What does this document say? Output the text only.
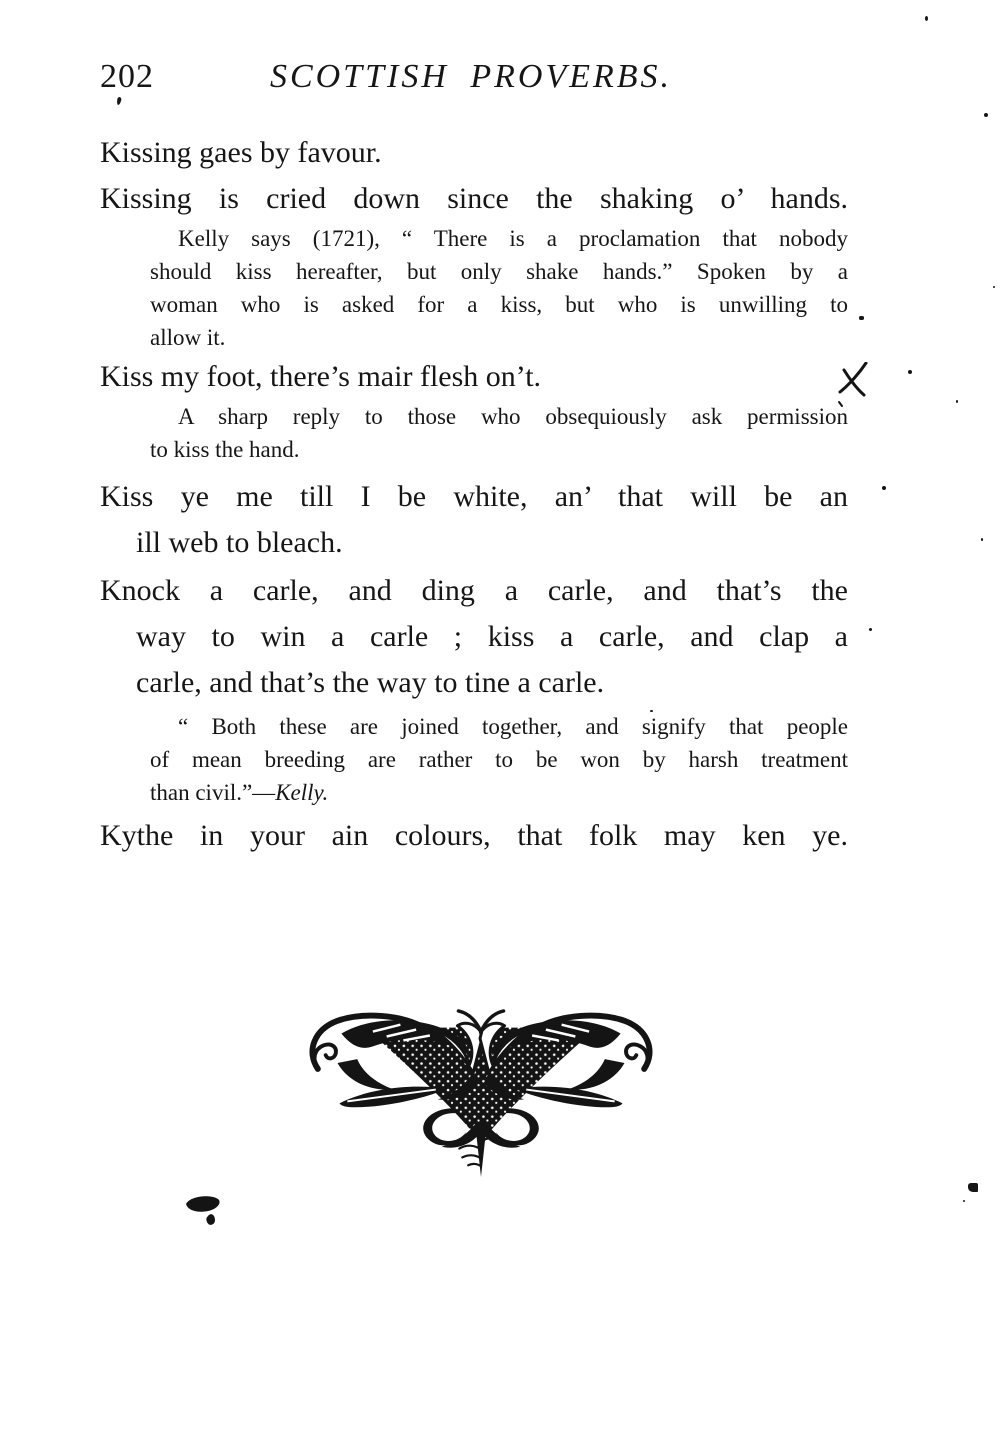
202	SCOTTISH PROVERBS.
Kissing gaes by favour.
Kissing is cried down since the shaking o’ hands.
Kelly says (1721), “ There is a proclamation that nobody
should kiss hereafter, but only shake hands.” Spoken by a
woman who is asked for a kiss, but who is unwilling to
allow it.
Kiss my foot, there’s mair flesh on’t.
A sharp reply to those who obsequiously ask permission
to kiss the hand.
Kiss ye me till I be white, an’ that will be an
ill web to bleach.
Knock a carle, and ding a carle, and that’s the
way to win a carle ; kiss a carle, and clap a
carle, and that’s the way to tine a carle.
“ Both these are joined together, and signify that people
of mean breeding are rather to be won by harsh treatment
than civil.”—Kelly.
Kythe in your ain colours, that folk may ken ye.
